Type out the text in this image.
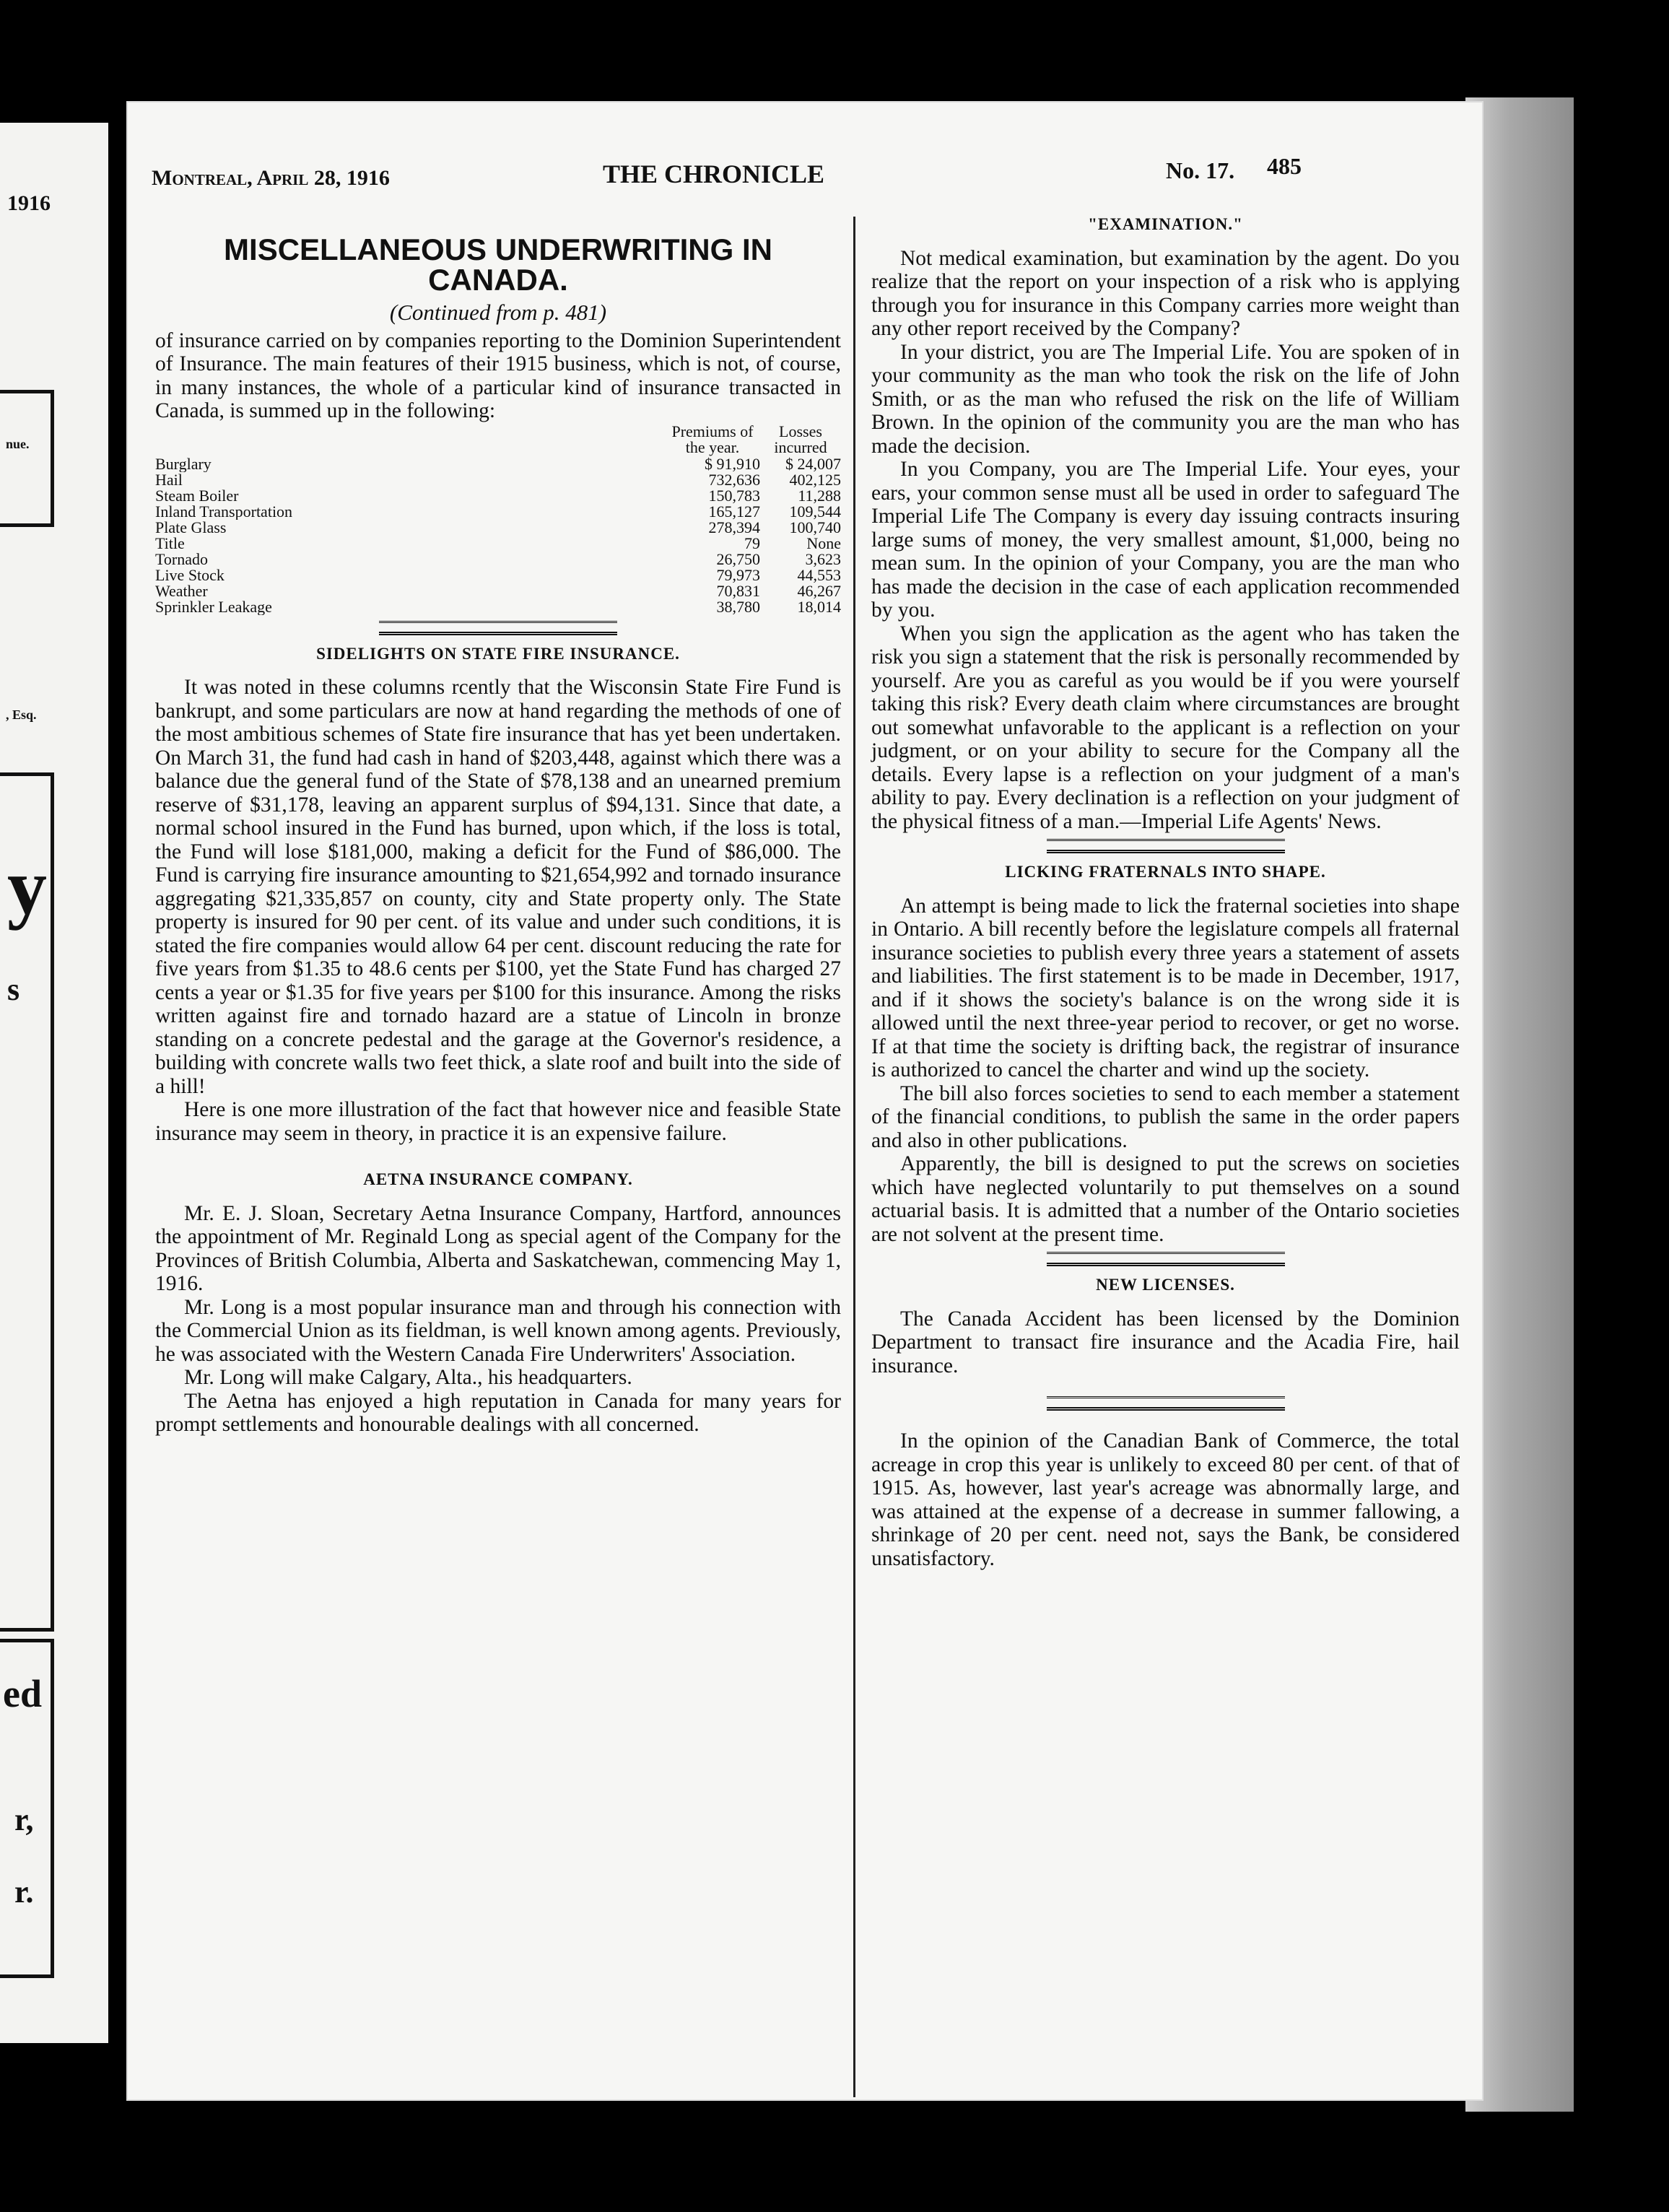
1916
nue.
, Esq.
y
s
ed
r,
r.
Montreal, April 28, 1916	THE CHRONICLE	No. 17. 485
MISCELLANEOUS UNDERWRITING IN CANADA.
(Continued from p. 481)

of insurance carried on by companies reporting to the Dominion Superintendent of Insurance. The main features of their 1915 business, which is not, of course, in many instances, the whole of a particular kind of insurance transacted in Canada, is summed up in the following:

	Premiums of the year.	Losses incurred
Burglary	$ 91,910	$ 24,007
Hail	732,636	402,125
Steam Boiler	150,783	11,288
Inland Transportation	165,127	109,544
Plate Glass	278,394	100,740
Title	79	None
Tornado	26,750	3,623
Live Stock	79,973	44,553
Weather	70,831	46,267
Sprinkler Leakage	38,780	18,014
SIDELIGHTS ON STATE FIRE INSURANCE.

It was noted in these columns rcently that the Wisconsin State Fire Fund is bankrupt, and some particulars are now at hand regarding the methods of one of the most ambitious schemes of State fire insurance that has yet been undertaken. On March 31, the fund had cash in hand of $203,448, against which there was a balance due the general fund of the State of $78,138 and an unearned premium reserve of $31,178, leaving an apparent surplus of $94,131. Since that date, a normal school insured in the Fund has burned, upon which, if the loss is total, the Fund will lose $181,000, making a deficit for the Fund of $86,000. The Fund is carrying fire insurance amounting to $21,654,992 and tornado insurance aggregating $21,335,857 on county, city and State property only. The State property is insured for 90 per cent. of its value and under such conditions, it is stated the fire companies would allow 64 per cent. discount reducing the rate for five years from $1.35 to 48.6 cents per $100, yet the State Fund has charged 27 cents a year or $1.35 for five years per $100 for this insurance. Among the risks written against fire and tornado hazard are a statue of Lincoln in bronze standing on a concrete pedestal and the garage at the Governor's residence, a building with concrete walls two feet thick, a slate roof and built into the side of a hill!

Here is one more illustration of the fact that however nice and feasible State insurance may seem in theory, in practice it is an expensive failure.

AETNA INSURANCE COMPANY.

Mr. E. J. Sloan, Secretary Aetna Insurance Company, Hartford, announces the appointment of Mr. Reginald Long as special agent of the Company for the Provinces of British Columbia, Alberta and Saskatchewan, commencing May 1, 1916.

Mr. Long is a most popular insurance man and through his connection with the Commercial Union as its fieldman, is well known among agents. Previously, he was associated with the Western Canada Fire Underwriters' Association.

Mr. Long will make Calgary, Alta., his headquarters.

The Aetna has enjoyed a high reputation in Canada for many years for prompt settlements and honourable dealings with all concerned.

"EXAMINATION."

Not medical examination, but examination by the agent. Do you realize that the report on your inspection of a risk who is applying through you for insurance in this Company carries more weight than any other report received by the Company?

In your district, you are The Imperial Life. You are spoken of in your community as the man who took the risk on the life of John Smith, or as the man who refused the risk on the life of William Brown. In the opinion of the community you are the man who has made the decision.

In you Company, you are The Imperial Life. Your eyes, your ears, your common sense must all be used in order to safeguard The Imperial Life The Company is every day issuing contracts insuring large sums of money, the very smallest amount, $1,000, being no mean sum. In the opinion of your Company, you are the man who has made the decision in the case of each application recommended by you.

When you sign the application as the agent who has taken the risk you sign a statement that the risk is personally recommended by yourself. Are you as careful as you would be if you were yourself taking this risk? Every death claim where circumstances are brought out somewhat unfavorable to the applicant is a reflection on your judgment, or on your ability to secure for the Company all the details. Every lapse is a reflection on your judgment of a man's ability to pay. Every declination is a reflection on your judgment of the physical fitness of a man.—Imperial Life Agents' News.

LICKING FRATERNALS INTO SHAPE.

An attempt is being made to lick the fraternal societies into shape in Ontario. A bill recently before the legislature compels all fraternal insurance societies to publish every three years a statement of assets and liabilities. The first statement is to be made in December, 1917, and if it shows the society's balance is on the wrong side it is allowed until the next three-year period to recover, or get no worse. If at that time the society is drifting back, the registrar of insurance is authorized to cancel the charter and wind up the society.

The bill also forces societies to send to each member a statement of the financial conditions, to publish the same in the order papers and also in other publications.

Apparently, the bill is designed to put the screws on societies which have neglected voluntarily to put themselves on a sound actuarial basis. It is admitted that a number of the Ontario societies are not solvent at the present time.

NEW LICENSES.

The Canada Accident has been licensed by the Dominion Department to transact fire insurance and the Acadia Fire, hail insurance.

In the opinion of the Canadian Bank of Commerce, the total acreage in crop this year is unlikely to exceed 80 per cent. of that of 1915. As, however, last year's acreage was abnormally large, and was attained at the expense of a decrease in summer fallowing, a shrinkage of 20 per cent. need not, says the Bank, be considered unsatisfactory.
